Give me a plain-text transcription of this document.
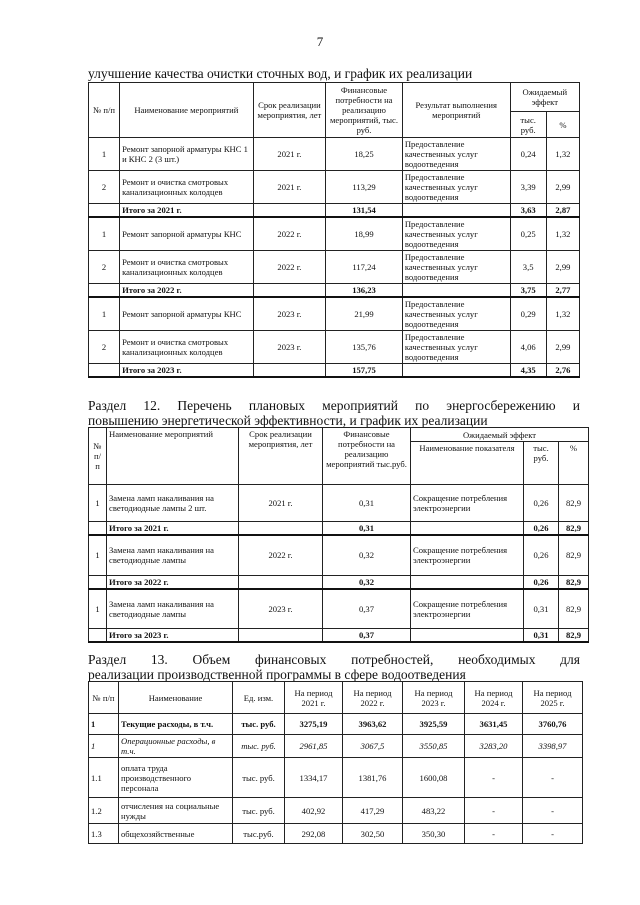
7
улучшение качества очистки сточных вод, и график их реализации
№ п/п	Наименование мероприятий	Срок реализации мероприятия, лет	Финансовые потребности на реализацию мероприятий, тыс. руб.	Результат выполнения мероприятий	Ожидаемый эффект	
					тыс. руб.	%
1	Ремонт запорной арматуры КНС 1 и КНС 2 (3 шт.)	2021 г.	18,25	Предоставление качественных услуг водоотведения	0,24	1,32
2	Ремонт и очистка смотровых канализационных колодцев	2021 г.	113,29	Предоставление качественных услуг водоотведения	3,39	2,99
	Итого за 2021 г.		131,54		3,63	2,87
1	Ремонт запорной арматуры КНС	2022 г.	18,99	Предоставление качественных услуг водоотведения	0,25	1,32
2	Ремонт и очистка смотровых канализационных колодцев	2022 г.	117,24	Предоставление качественных услуг водоотведения	3,5	2,99
	Итого за 2022 г.		136,23		3,75	2,77
1	Ремонт запорной арматуры КНС	2023 г.	21,99	Предоставление качественных услуг водоотведения	0,29	1,32
2	Ремонт и очистка смотровых канализационных колодцев	2023 г.	135,76	Предоставление качественных услуг водоотведения	4,06	2,99
	Итого за 2023 г.		157,75		4,35	2,76
Раздел 12. Перечень плановых мероприятий по энергосбережению и
повышению энергетической эффективности, и график их реализации
№ п/ п	Наименование мероприятий	Срок реализации мероприятия, лет	Финансовые потребности на реализацию мероприятий тыс.руб.	Ожидаемый эффект		
				Наименование показателя	тыс. руб.	%
1	Замена ламп накаливания на светодиодные лампы 2 шт.	2021 г.	0,31	Сокращение потребления электроэнергии	0,26	82,9
	Итого за 2021 г.		0,31		0,26	82,9
1	Замена ламп накаливания на светодиодные лампы	2022 г.	0,32	Сокращение потребления электроэнергии	0,26	82,9
	Итого за 2022 г.		0,32		0,26	82,9
1	Замена ламп накаливания на светодиодные лампы	2023 г.	0,37	Сокращение потребления электроэнергии	0,31	82,9
	Итого за 2023 г.		0,37		0,31	82,9
Раздел 13. Объем финансовых потребностей, необходимых для
реализации производственной программы в сфере водоотведения
№ п/п	Наименование	Ед. изм.	На период 2021 г.	На период 2022 г.	На период 2023 г.	На период 2024 г.	На период 2025 г.
1	Текущие расходы, в т.ч.	тыс. руб.	3275,19	3963,62	3925,59	3631,45	3760,76
1	Операционные расходы, в т.ч.	тыс. руб.	2961,85	3067,5	3550,85	3283,20	3398,97
1.1	оплата труда производственного персонала	тыс. руб.	1334,17	1381,76	1600,08	-	-
1.2	отчисления на социальные нужды	тыс. руб.	402,92	417,29	483,22	-	-
1.3	общехозяйственные	тыс.руб.	292,08	302,50	350,30	-	-
